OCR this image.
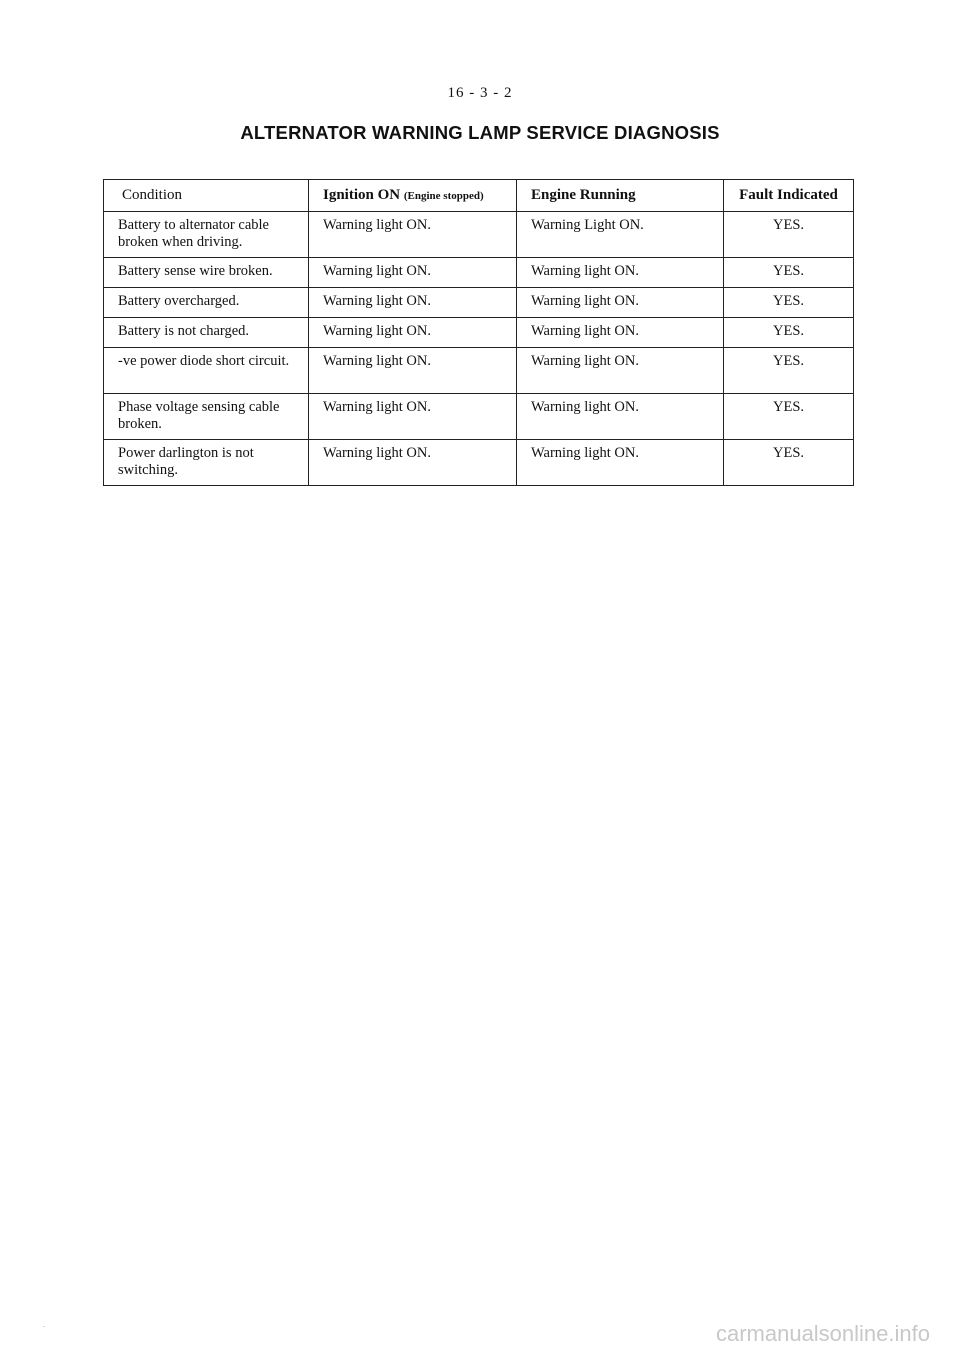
16 - 3 - 2
ALTERNATOR WARNING LAMP SERVICE DIAGNOSIS
Condition	Ignition ON (Engine stopped)	Engine Running	Fault Indicated
Battery to alternator cable broken when driving.	Warning light ON.	Warning Light ON.	YES.
Battery sense wire broken.	Warning light ON.	Warning light ON.	YES.
Battery overcharged.	Warning light ON.	Warning light ON.	YES.
Battery is not charged.	Warning light ON.	Warning light ON.	YES.
-ve power diode short circuit.	Warning light ON.	Warning light ON.	YES.
Phase voltage sensing cable broken.	Warning light ON.	Warning light ON.	YES.
Power darlington is not switching.	Warning light ON.	Warning light ON.	YES.
.	carmanualsonline.info
